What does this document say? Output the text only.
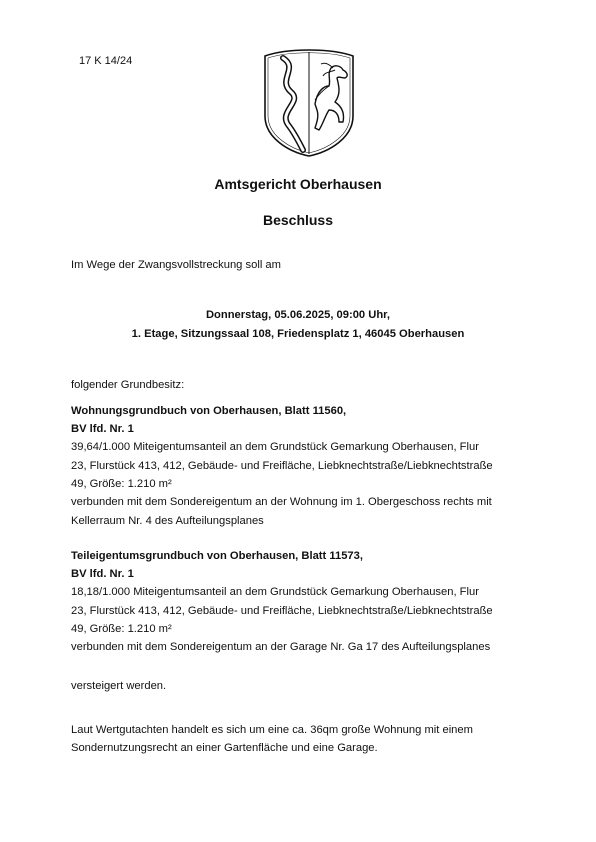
17 K 14/24
Amtsgericht Oberhausen
Beschluss
Im Wege der Zwangsvollstreckung soll am
Donnerstag, 05.06.2025, 09:00 Uhr,
1. Etage, Sitzungssaal 108, Friedensplatz 1, 46045 Oberhausen
folgender Grundbesitz:
Wohnungsgrundbuch von Oberhausen, Blatt 11560,
BV lfd. Nr. 1
39,64/1.000 Miteigentumsanteil an dem Grundstück Gemarkung Oberhausen, Flur
23, Flurstück 413, 412, Gebäude- und Freifläche, Liebknechtstraße/Liebknechtstraße
49, Größe: 1.210 m²
verbunden mit dem Sondereigentum an der Wohnung im 1. Obergeschoss rechts mit
Kellerraum Nr. 4 des Aufteilungsplanes
Teileigentumsgrundbuch von Oberhausen, Blatt 11573,
BV lfd. Nr. 1
18,18/1.000 Miteigentumsanteil an dem Grundstück Gemarkung Oberhausen, Flur
23, Flurstück 413, 412, Gebäude- und Freifläche, Liebknechtstraße/Liebknechtstraße
49, Größe: 1.210 m²
verbunden mit dem Sondereigentum an der Garage Nr. Ga 17 des Aufteilungsplanes
versteigert werden.
Laut Wertgutachten handelt es sich um eine ca. 36qm große Wohnung mit einem
Sondernutzungsrecht an einer Gartenfläche und eine Garage.
